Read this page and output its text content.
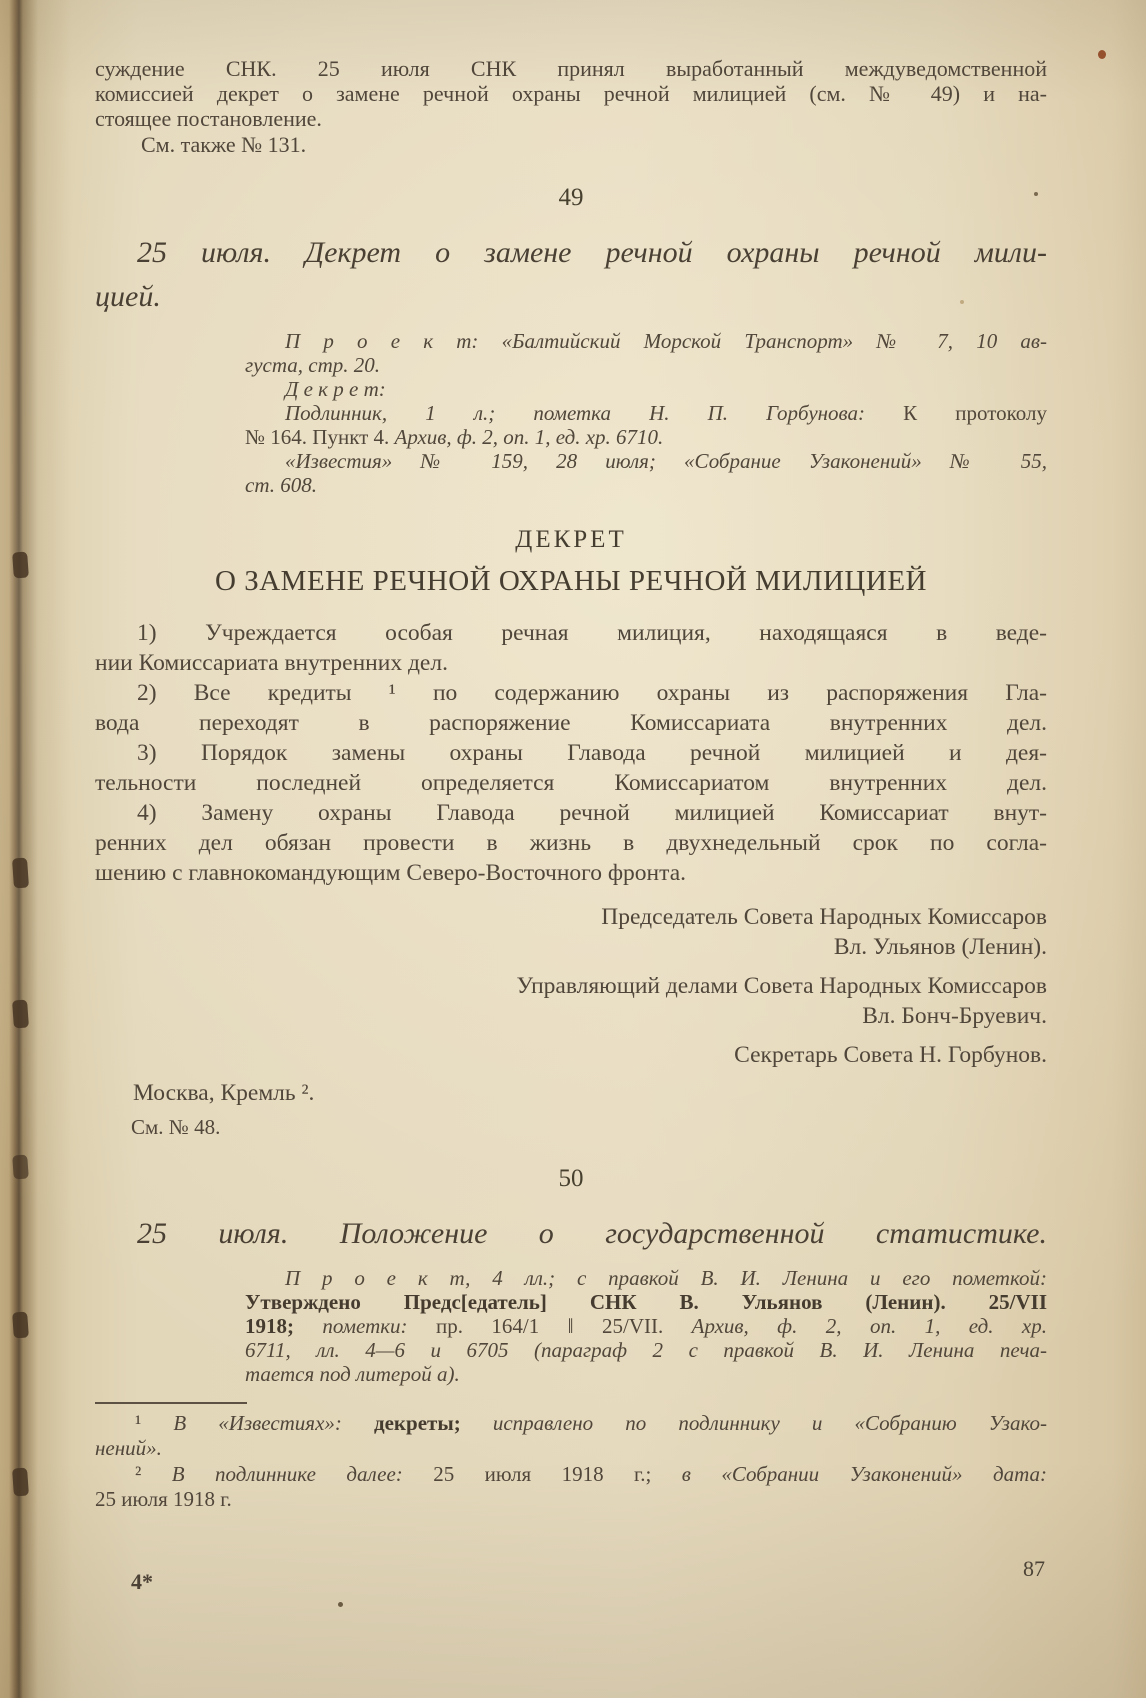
суждение СНК. 25 июля СНК принял выработанный междуведомственной
комиссией декрет о замене речной охраны речной милицией (см. № 49) и на-
стоящее постановление.
См. также № 131.
49
25 июля. Декрет о замене речной охраны речной мили-
цией.
П р о е к т: «Балтийский Морской Транспорт» № 7, 10 ав-
густа, стр. 20.
Д е к р е т:
Подлинник, 1 л.; пометка Н. П. Горбунова: К протоколу
№ 164. Пункт 4. Архив, ф. 2, оп. 1, ед. хр. 6710.
«Известия» № 159, 28 июля; «Собрание Узаконений» № 55,
ст. 608.
ДЕКРЕТ
О ЗАМЕНЕ РЕЧНОЙ ОХРАНЫ РЕЧНОЙ МИЛИЦИЕЙ
1) Учреждается особая речная милиция, находящаяся в веде-
нии Комиссариата внутренних дел.
2) Все кредиты ¹ по содержанию охраны из распоряжения Гла-
вода переходят в распоряжение Комиссариата внутренних дел.
3) Порядок замены охраны Главода речной милицией и дея-
тельности последней определяется Комиссариатом внутренних дел.
4) Замену охраны Главода речной милицией Комиссариат внут-
ренних дел обязан провести в жизнь в двухнедельный срок по согла-
шению с главнокомандующим Северо-Восточного фронта.
Председатель Совета Народных Комиссаров
Вл. Ульянов (Ленин).
Управляющий делами Совета Народных Комиссаров
Вл. Бонч-Бруевич.
Секретарь Совета Н. Горбунов.
Москва, Кремль ².
См. № 48.
50
25 июля. Положение о государственной статистике.
П р о е к т, 4 лл.; с правкой В. И. Ленина и его пометкой:
Утверждено Предс[едатель] СНК В. Ульянов (Ленин). 25/VII
1918; пометки: пр. 164/1 ‖ 25/VII. Архив, ф. 2, оп. 1, ед. хр.
6711, лл. 4—6 и 6705 (параграф 2 с правкой В. И. Ленина печа-
тается под литерой а).
¹ В «Известиях»: декреты; исправлено по подлиннику и «Собранию Узако-
нений».
² В подлиннике далее: 25 июля 1918 г.; в «Собрании Узаконений» дата:
25 июля 1918 г.
4*
87
